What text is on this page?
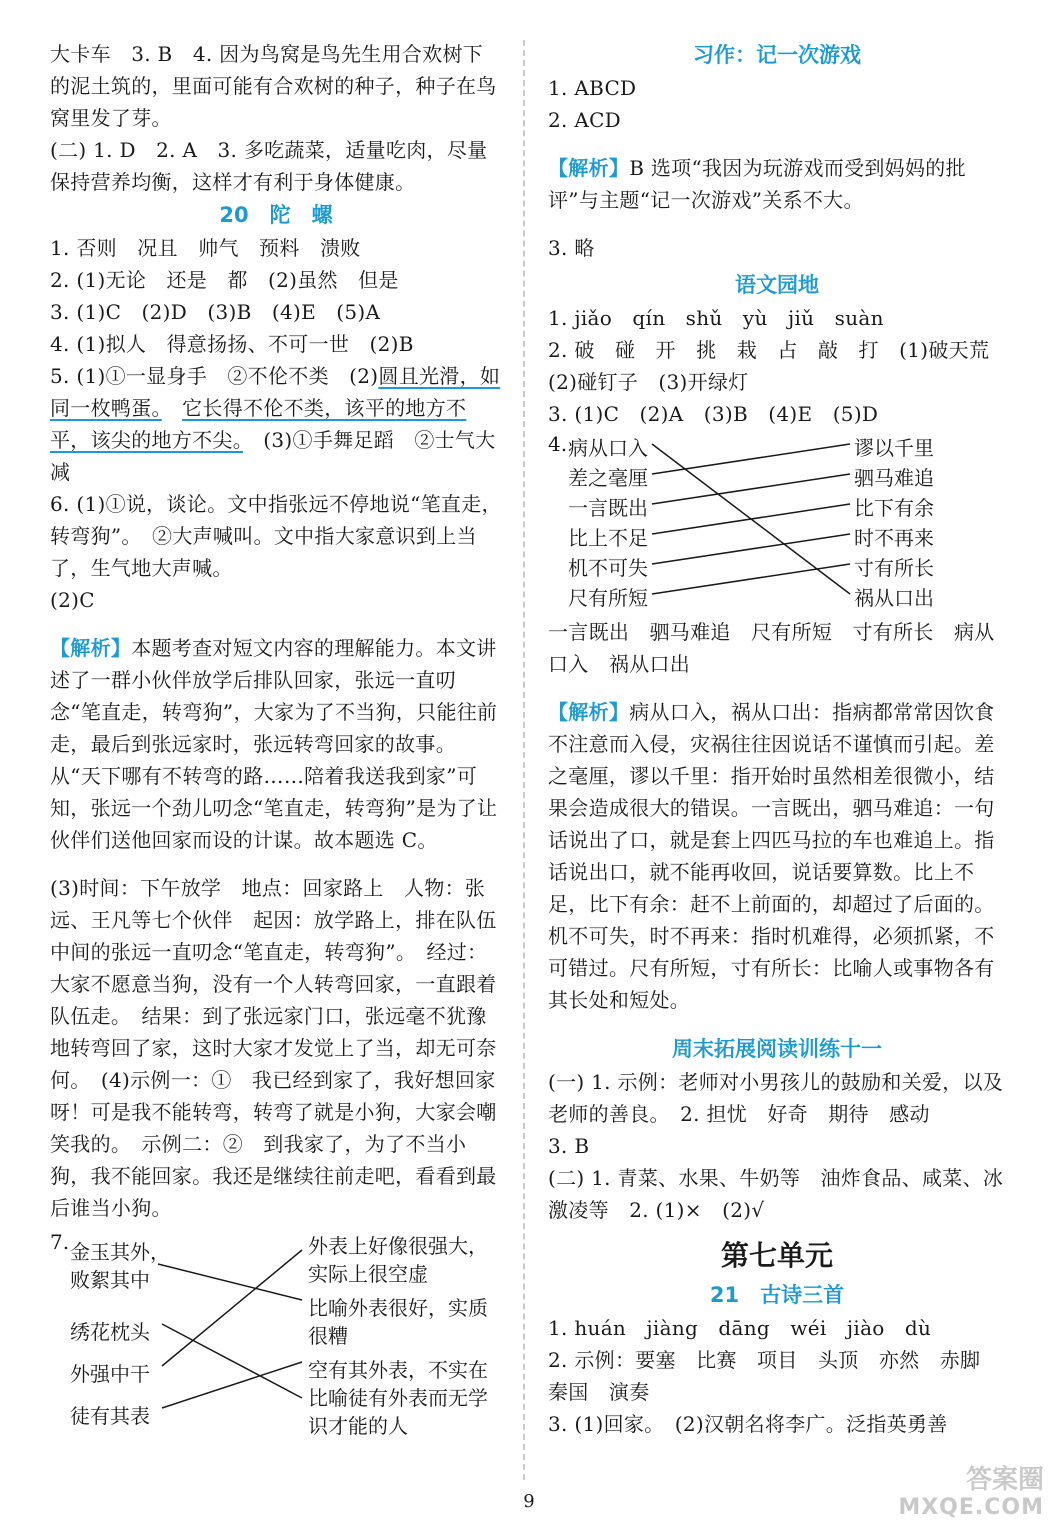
大卡车　3. B　4. 因为鸟窝是鸟先生用合欢树下的泥土筑的，里面可能有合欢树的种子，种子在鸟窝里发了芽。

(二) 1. D　2. A　3. 多吃蔬菜，适量吃肉，尽量保持营养均衡，这样才有利于身体健康。

20　陀　螺

1. 否则　况且　帅气　预料　溃败

2. (1)无论　还是　都　(2)虽然　但是

3. (1)C　(2)D　(3)B　(4)E　(5)A

4. (1)拟人　得意扬扬、不可一世　(2)B

5. (1)①一显身手　②不伦不类　(2)圆且光滑，如同一枚鸭蛋。　 它长得不伦不类，该平的地方不平，该尖的地方不尖。　(3)①手舞足蹈　②士气大减

6. (1)①说，谈论。文中指张远不停地说“笔直走，转弯狗”。　②大声喊叫。文中指大家意识到上当了，生气地大声喊。

(2)C

【解析】本题考查对短文内容的理解能力。本文讲述了一群小伙伴放学后排队回家，张远一直叨念“笔直走，转弯狗”，大家为了不当狗，只能往前走，最后到张远家时，张远转弯回家的故事。从“天下哪有不转弯的路……陪着我送我到家”可知，张远一个劲儿叨念“笔直走，转弯狗”是为了让伙伴们送他回家而设的计谋。故本题选 C。

(3)时间：下午放学　地点：回家路上　人物：张远、王凡等七个伙伴　起因：放学路上，排在队伍中间的张远一直叨念“笔直走，转弯狗”。　经过：大家不愿意当狗，没有一个人转弯回家，一直跟着队伍走。　结果：到了张远家门口，张远毫不犹豫地转弯回了家，这时大家才发觉上了当，却无可奈何。　(4)示例一：①　我已经到家了，我好想回家呀！可是我不能转弯，转弯了就是小狗，大家会嘲笑我的。　示例二：②　到我家了，为了不当小狗，我不能回家。我还是继续往前走吧，看看到最后谁当小狗。

7. 金玉其外，
败絮其中
绣花枕头
外强中干
徒有其表
外表上好像很强大，
实际上很空虚
比喻外表很好，实质
很糟
空有其外表，不实在
比喻徒有外表而无学
识才能的人

习作：记一次游戏

1. ABCD

2. ACD

【解析】B 选项“我因为玩游戏而受到妈妈的批评”与主题“记一次游戏”关系不大。

3. 略

语文园地

1. jiǎo　qín　shǔ　yù　jiǔ　suàn

2. 破　碰　开　挑　栽　占　敲　打　(1)破天荒　(2)碰钉子　(3)开绿灯

3. (1)C　(2)A　(3)B　(4)E　(5)D

4. 病从口入
差之毫厘
一言既出
比上不足
机不可失
尺有所短
谬以千里
驷马难追
比下有余
时不再来
寸有所长
祸从口出

一言既出　驷马难追　尺有所短　寸有所长　病从口入　祸从口出

【解析】病从口入，祸从口出：指病都常常因饮食不注意而入侵，灾祸往往因说话不谨慎而引起。差之毫厘，谬以千里：指开始时虽然相差很微小，结果会造成很大的错误。一言既出，驷马难追：一句话说出了口，就是套上四匹马拉的车也难追上。指话说出口，就不能再收回，说话要算数。比上不足，比下有余：赶不上前面的，却超过了后面的。机不可失，时不再来：指时机难得，必须抓紧，不可错过。尺有所短，寸有所长：比喻人或事物各有其长处和短处。

周末拓展阅读训练十一

(一) 1. 示例：老师对小男孩儿的鼓励和关爱，以及老师的善良。　2. 担忧　好奇　期待　感动

3. B

(二) 1. 青菜、水果、牛奶等　油炸食品、咸菜、冰激凌等　2. (1)×　(2)√

第七单元

21　古诗三首

1. huán　jiàng　dāng　wéi　jiào　dù

2. 示例：要塞　比赛　项目　头顶　亦然　赤脚　秦国　演奏

3. (1)回家。　(2)汉朝名将李广。泛指英勇善

9
答案圈
MXQE.COM
